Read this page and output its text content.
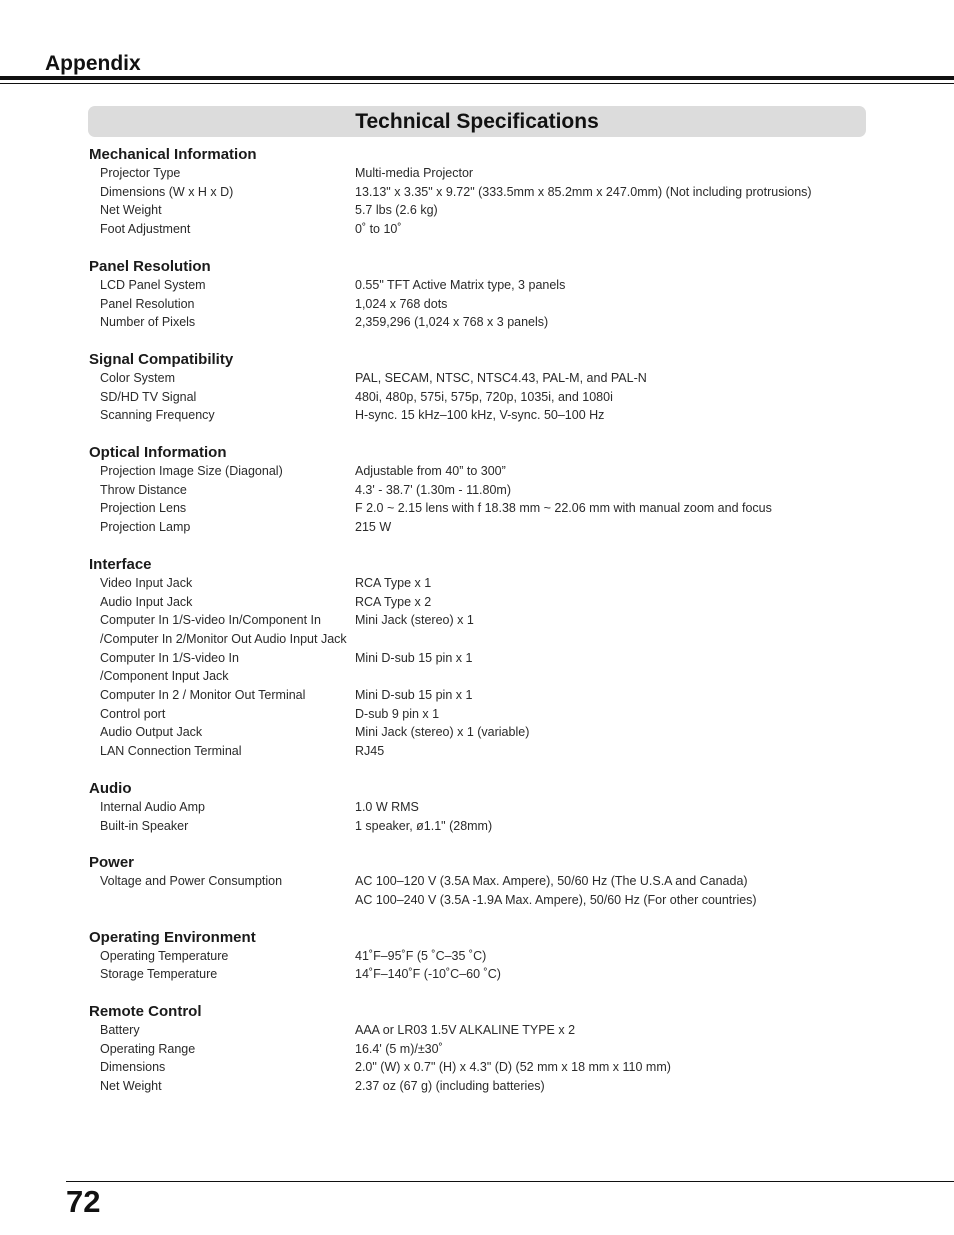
Appendix
Technical Specifications
Mechanical Information
Projector Type	Multi-media Projector
Dimensions (W x H x D)	13.13" x 3.35" x 9.72" (333.5mm x 85.2mm x 247.0mm) (Not including protrusions)
Net Weight	5.7 lbs (2.6 kg)
Foot Adjustment	0˚ to 10˚
Panel Resolution
LCD Panel System	0.55" TFT Active Matrix type, 3 panels
Panel Resolution	1,024 x 768 dots
Number of Pixels	2,359,296 (1,024 x 768 x 3 panels)
Signal Compatibility
Color System	PAL, SECAM, NTSC, NTSC4.43, PAL-M, and PAL-N
SD/HD TV Signal	480i, 480p, 575i, 575p, 720p, 1035i, and 1080i
Scanning Frequency	H-sync. 15 kHz–100 kHz, V-sync. 50–100 Hz
Optical Information
Projection Image Size (Diagonal)	Adjustable from 40” to 300”
Throw Distance	4.3' - 38.7' (1.30m - 11.80m)
Projection Lens	F 2.0 ~ 2.15 lens with f 18.38 mm ~ 22.06 mm with manual zoom and focus
Projection Lamp	215 W
Interface
Video Input Jack	RCA Type x 1
Audio Input Jack	RCA Type x 2
Computer In 1/S-video In/Component In	Mini Jack (stereo) x 1
/Computer In 2/Monitor Out Audio Input Jack
Computer In 1/S-video In	Mini D-sub 15 pin x 1
/Component Input Jack
Computer In 2 / Monitor Out Terminal	Mini D-sub 15 pin x 1
Control port	D-sub 9 pin x 1
Audio Output Jack	Mini Jack (stereo) x 1 (variable)
LAN Connection Terminal	RJ45
Audio
Internal Audio Amp	1.0 W RMS
Built-in Speaker	1 speaker, ø1.1" (28mm)
Power
Voltage and Power Consumption	AC 100–120 V (3.5A Max. Ampere), 50/60 Hz (The U.S.A and Canada)
AC 100–240 V (3.5A -1.9A Max. Ampere), 50/60 Hz (For other countries)
Operating Environment
Operating Temperature	41˚F–95˚F (5 ˚C–35 ˚C)
Storage Temperature	14˚F–140˚F (-10˚C–60 ˚C)
Remote Control
Battery	AAA or LR03 1.5V ALKALINE TYPE x 2
Operating Range	16.4' (5 m)/±30˚
Dimensions	2.0" (W) x 0.7" (H) x 4.3" (D) (52 mm x 18 mm x 110 mm)
Net Weight	2.37 oz (67 g) (including batteries)
72
